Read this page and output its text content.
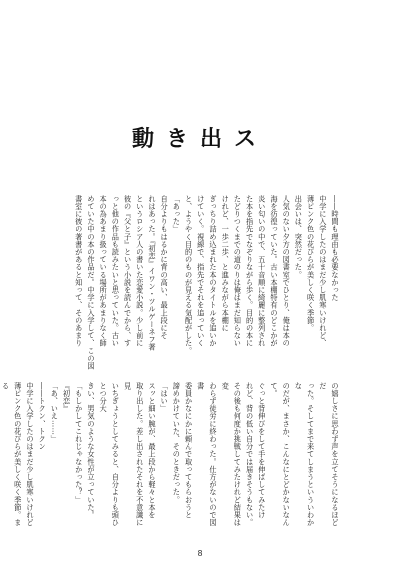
動き出ス

――時間も理由も必要なかった

中学に入学したのはまだ少し肌寒いけれど、

薄ピンク色の花びらが美しく咲く季節。

出会いは、突然だった。

人気のない夕方の図書室でひとり、俺は本の

海を彷徨っていた。古い本棚特有のどこかが

炎い匂いの中で、五十音順に綺麗に整列され

た本を指先でなぞりながら歩く。目的の本に

たどりつくまでの道のりは俺はまだ知らない

けれど、一歩二歩、と進みながら本棚に

ぎっちり詰め込まれた本のタイトルを追いか

けていく。視線で、指先でそれを追っていく

と、ようやく目的のものが見える気配がした。

「あった」

自分よりもはるかに背の高い、最上段にそ

れはあった。『初恋』イワン・ツルゲーネフ著

というロシア人の書いた恋愛小説。少し前に

彼の『父と子』という小説を読んでから、す

っと他の作品も読みたいと思っていた。古い

本の為あまり扱っている場所があまりなく師

めていた中の本の作品だ。中学に入学して、この図

書室に彼の著書があると知って、そのあまり

の嬉しさに思わず声を立てそうになるほどだ

った。そしてまで来てしまうといういわかな

のだが、まさか、こんなにとどかないなんて。

ぐっと背伸びをして手を伸ばしてみたけ

れど、背の低い自分では届きそうもない。

その後も何度か挑戦してみたけれど結果は変

わらず徒労に終わった。仕方がないので図書

委員かなにかに頼んで取ってもらおうと

諦めかけていた、そのときだった。

「はい」

スッと細い腕が、最上段から軽々と本を

取り出した。差し出されたそれを不意識に見

いちぎょうとしてみると、自分よりも頭ひとつ分大

きい、男気のような女性が立っていた。

「もしかしてこれじゃなかった？」

『初恋』

「あ、いえ……」

――トクン、トクン

中学に入学したのはまだ少し肌寒いけれど

薄ピンク色の花びらが美しく咲く季節。まる

8
